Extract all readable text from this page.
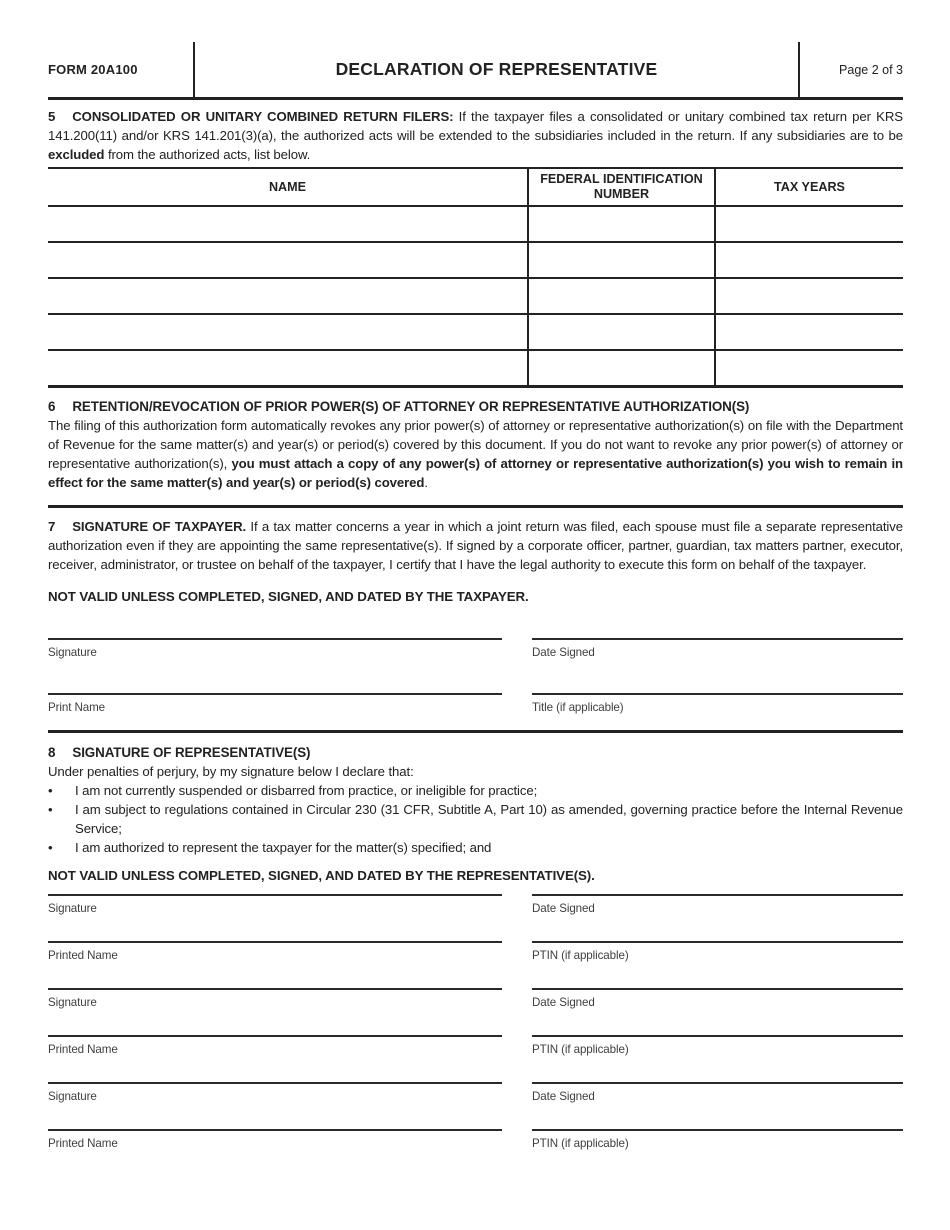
FORM 20A100	DECLARATION OF REPRESENTATIVE	Page 2 of 3

5 CONSOLIDATED OR UNITARY COMBINED RETURN FILERS: If the taxpayer files a consolidated or unitary combined tax return per KRS 141.200(11) and/or KRS 141.201(3)(a), the authorized acts will be extended to the subsidiaries included in the return. If any subsidiaries are to be excluded from the authorized acts, list below.

NAME	FEDERAL IDENTIFICATION NUMBER	TAX YEARS

6 RETENTION/REVOCATION OF PRIOR POWER(S) OF ATTORNEY OR REPRESENTATIVE AUTHORIZATION(S)

The filing of this authorization form automatically revokes any prior power(s) of attorney or representative authorization(s) on file with the Department of Revenue for the same matter(s) and year(s) or period(s) covered by this document. If you do not want to revoke any prior power(s) of attorney or representative authorization(s), you must attach a copy of any power(s) of attorney or representative authorization(s) you wish to remain in effect for the same matter(s) and year(s) or period(s) covered.

7 SIGNATURE OF TAXPAYER. If a tax matter concerns a year in which a joint return was filed, each spouse must file a separate representative authorization even if they are appointing the same representative(s). If signed by a corporate officer, partner, guardian, tax matters partner, executor, receiver, administrator, or trustee on behalf of the taxpayer, I certify that I have the legal authority to execute this form on behalf of the taxpayer.

NOT VALID UNLESS COMPLETED, SIGNED, AND DATED BY THE TAXPAYER.
Signature	Date Signed
Print Name	Title (if applicable)
8 SIGNATURE OF REPRESENTATIVE(S)

Under penalties of perjury, by my signature below I declare that:

•	I am not currently suspended or disbarred from practice, or ineligible for practice;
•	I am subject to regulations contained in Circular 230 (31 CFR, Subtitle A, Part 10) as amended, governing practice before the Internal Revenue Service;
•	I am authorized to represent the taxpayer for the matter(s) specified; and
NOT VALID UNLESS COMPLETED, SIGNED, AND DATED BY THE REPRESENTATIVE(S).
Signature	Date Signed
Printed Name	PTIN (if applicable)
Signature	Date Signed
Printed Name	PTIN (if applicable)
Signature	Date Signed
Printed Name	PTIN (if applicable)
